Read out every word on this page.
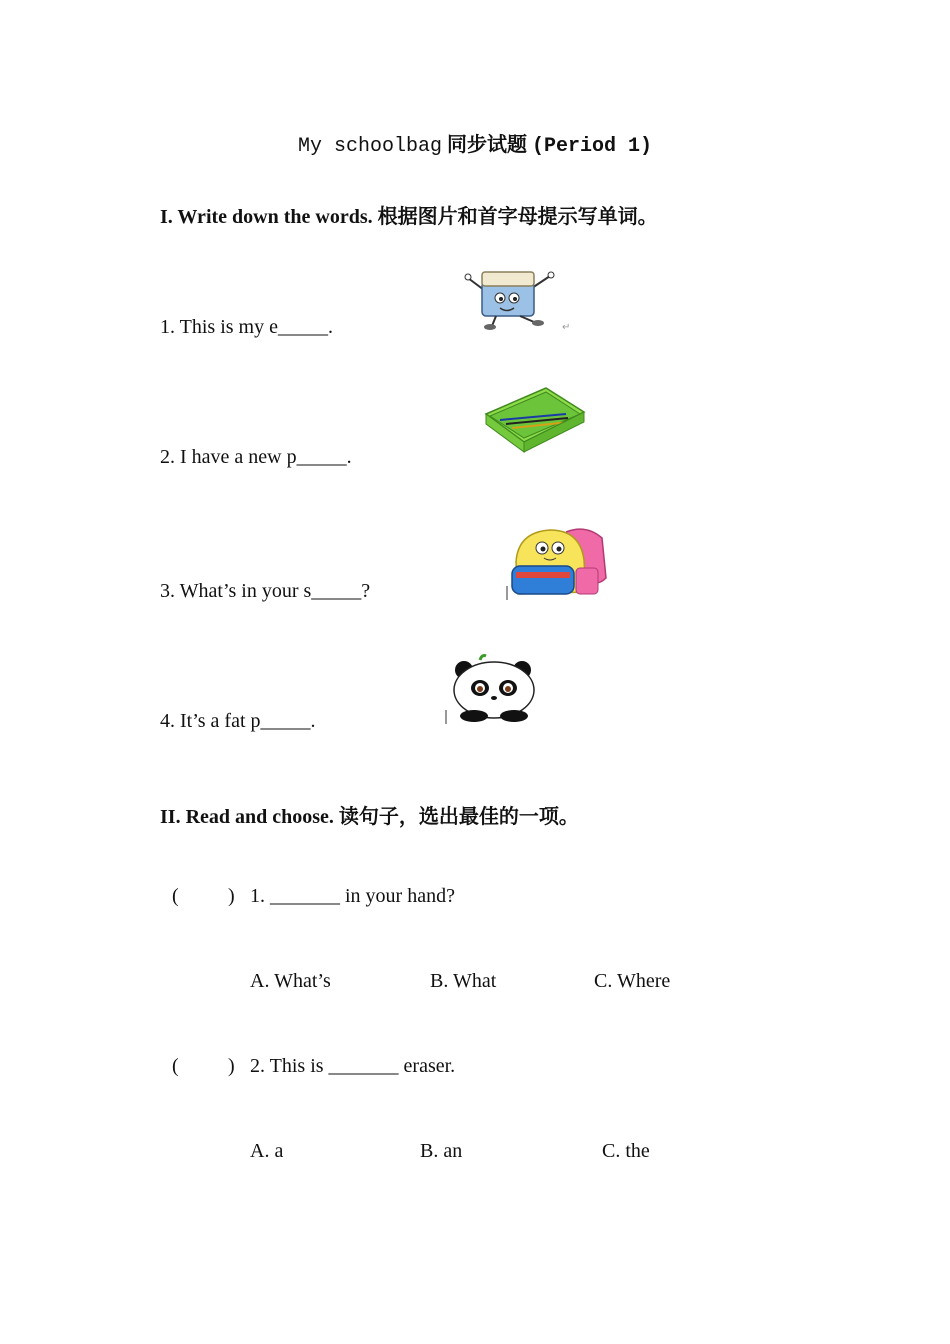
My schoolbag 同步试题 (Period 1)
I. Write down the words. 根据图片和首字母提示写单词。
1. This is my e_____.	↵
2. I have a new p_____.
3. What’s in your s_____?
4. It’s a fat p_____.
II. Read and choose. 读句子，选出最佳的一项。
( ) 1. _______ in your hand?
A. What’s	B. What	C. Where
( ) 2. This is _______ eraser.
A. a	B. an	C. the
